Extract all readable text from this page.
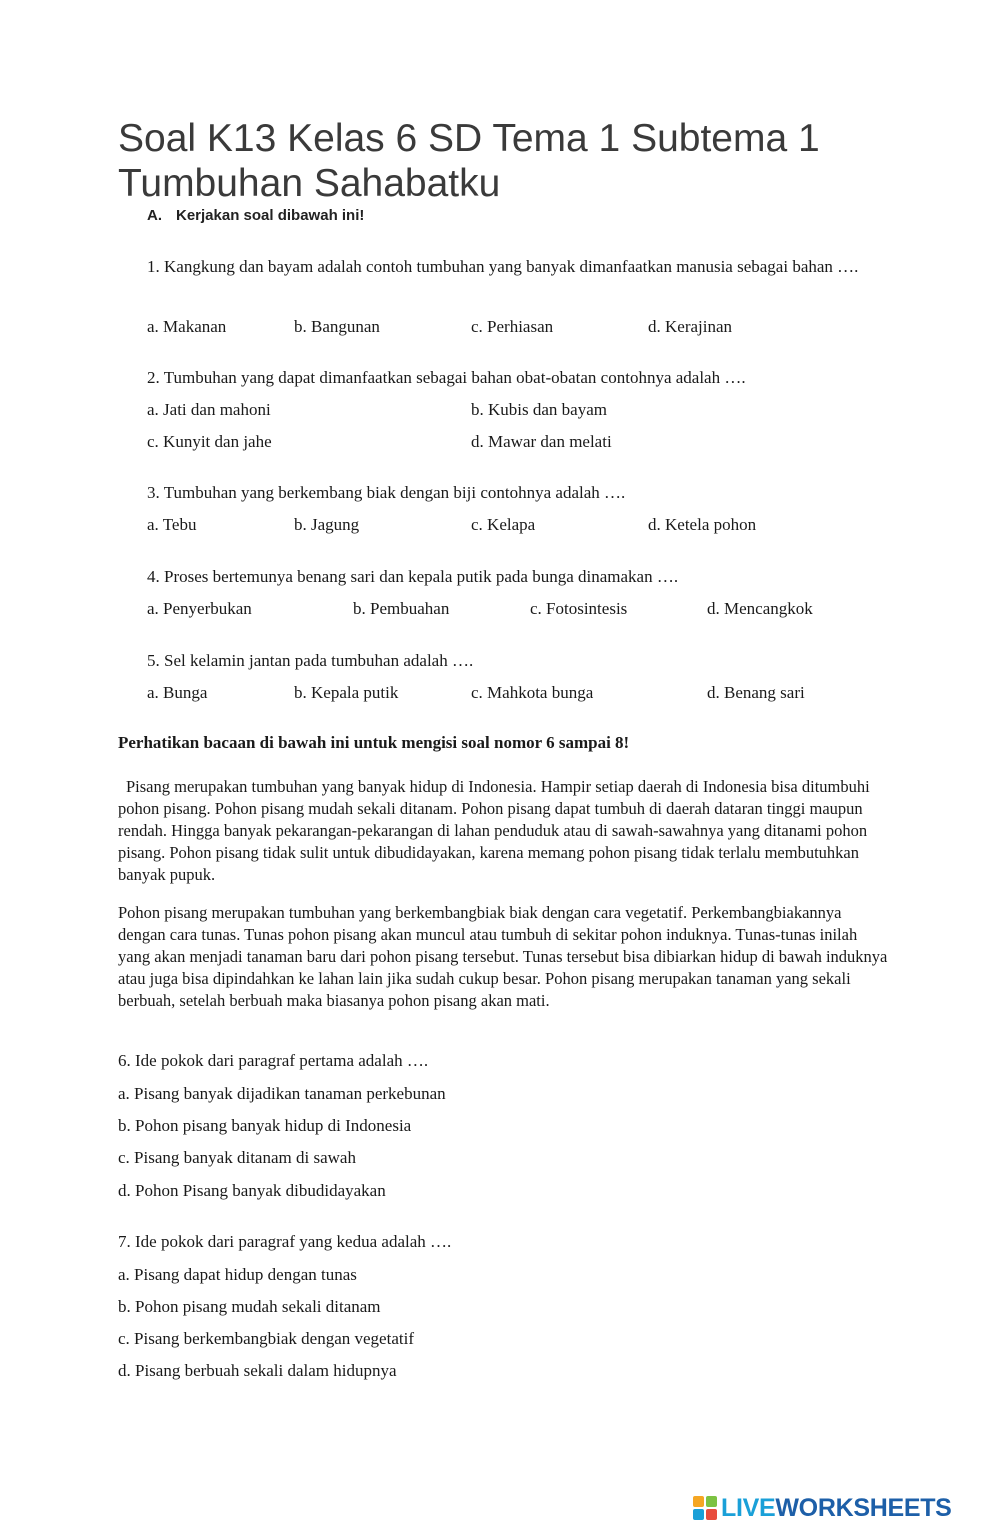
Soal K13 Kelas 6 SD Tema 1 Subtema 1 Tumbuhan Sahabatku
A. Kerjakan soal dibawah ini!
1. Kangkung dan bayam adalah contoh tumbuhan yang banyak dimanfaatkan manusia sebagai bahan ….
a. Makanan	b. Bangunan	c. Perhiasan	d. Kerajinan
2. Tumbuhan yang dapat dimanfaatkan sebagai bahan obat-obatan contohnya adalah ….
a. Jati dan mahoni	b. Kubis dan bayam
c. Kunyit dan jahe	d. Mawar dan melati
3. Tumbuhan yang berkembang biak dengan biji contohnya adalah ….
a. Tebu	b. Jagung	c. Kelapa	d. Ketela pohon
4. Proses bertemunya benang sari dan kepala putik pada bunga dinamakan ….
a. Penyerbukan	b. Pembuahan	c. Fotosintesis	d. Mencangkok
5. Sel kelamin jantan pada tumbuhan adalah ….
a. Bunga	b. Kepala putik	c. Mahkota bunga	d. Benang sari
Perhatikan bacaan di bawah ini untuk mengisi soal nomor 6 sampai 8!
Pisang merupakan tumbuhan yang banyak hidup di Indonesia. Hampir setiap daerah di Indonesia bisa ditumbuhi pohon pisang. Pohon pisang mudah sekali ditanam. Pohon pisang dapat tumbuh di daerah dataran tinggi maupun rendah. Hingga banyak pekarangan-pekarangan di lahan penduduk atau di sawah-sawahnya yang ditanami pohon pisang. Pohon pisang tidak sulit untuk dibudidayakan, karena memang pohon pisang tidak terlalu membutuhkan banyak pupuk.
Pohon pisang merupakan tumbuhan yang berkembangbiak biak dengan cara vegetatif. Perkembangbiakannya dengan cara tunas. Tunas pohon pisang akan muncul atau tumbuh di sekitar pohon induknya. Tunas-tunas inilah yang akan menjadi tanaman baru dari pohon pisang tersebut. Tunas tersebut bisa dibiarkan hidup di bawah induknya atau juga bisa dipindahkan ke lahan lain jika sudah cukup besar. Pohon pisang merupakan tanaman yang sekali berbuah, setelah berbuah maka biasanya pohon pisang akan mati.
6. Ide pokok dari paragraf pertama adalah ….
a. Pisang banyak dijadikan tanaman perkebunan
b. Pohon pisang banyak hidup di Indonesia
c. Pisang banyak ditanam di sawah
d. Pohon Pisang banyak dibudidayakan
7. Ide pokok dari paragraf yang kedua adalah ….
a. Pisang dapat hidup dengan tunas
b. Pohon pisang mudah sekali ditanam
c. Pisang berkembangbiak dengan vegetatif
d. Pisang berbuah sekali dalam hidupnya
LIVE WORKSHEETS
